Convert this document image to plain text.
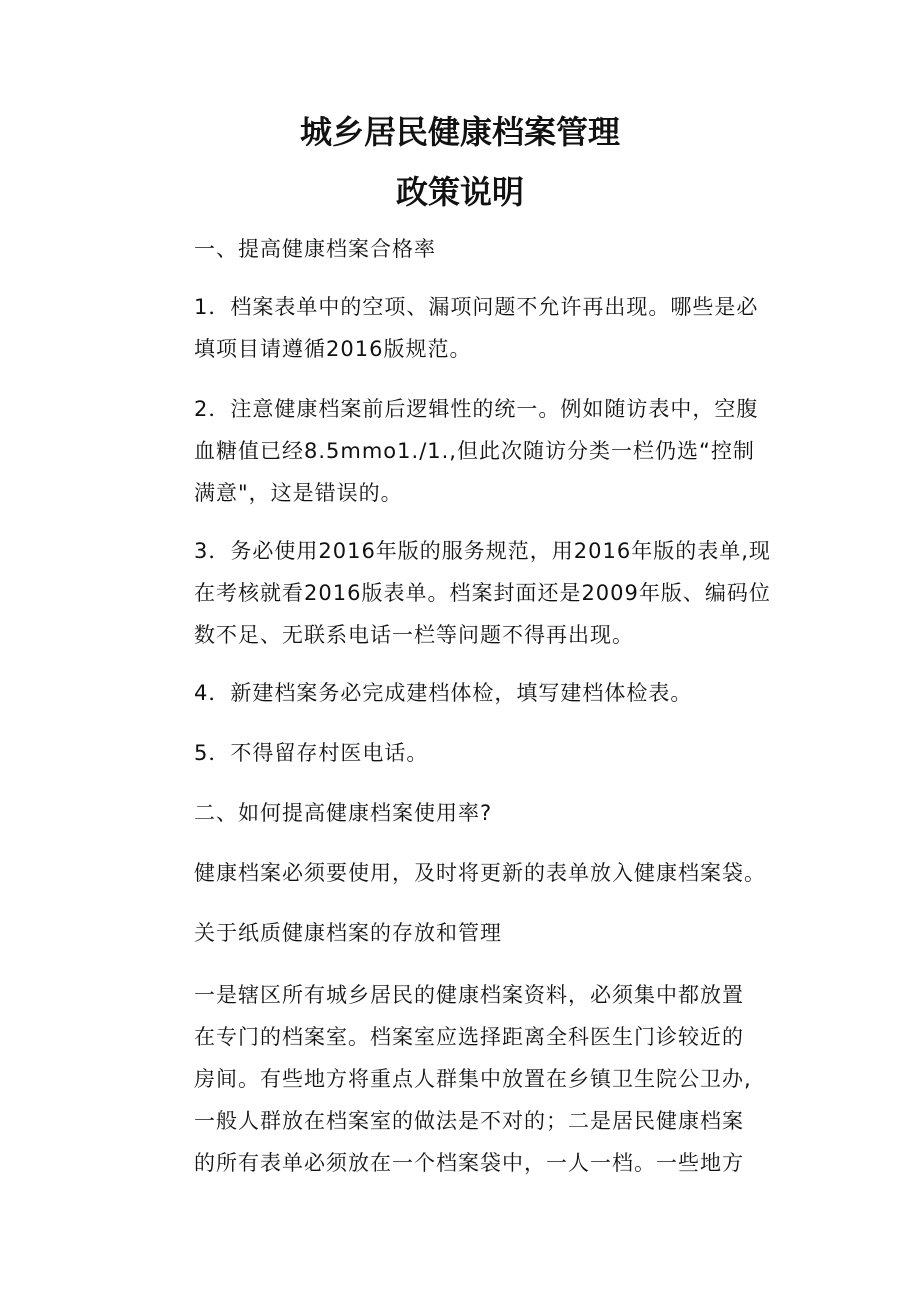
城乡居民健康档案管理
政策说明

一、提高健康档案合格率

1．档案表单中的空项、漏项问题不允许再出现。哪些是必
填项目请遵循2016版规范。

2．注意健康档案前后逻辑性的统一。例如随访表中，空腹
血糖值已经8.5mmo1./1.,但此次随访分类一栏仍选“控制
满意"，这是错误的。

3．务必使用2016年版的服务规范，用2016年版的表单,现
在考核就看2016版表单。档案封面还是2009年版、编码位
数不足、无联系电话一栏等问题不得再出现。

4．新建档案务必完成建档体检，填写建档体检表。

5．不得留存村医电话。

二、如何提高健康档案使用率?

健康档案必须要使用，及时将更新的表单放入健康档案袋。

关于纸质健康档案的存放和管理

一是辖区所有城乡居民的健康档案资料，必须集中都放置
在专门的档案室。档案室应选择距离全科医生门诊较近的
房间。有些地方将重点人群集中放置在乡镇卫生院公卫办,
一般人群放在档案室的做法是不对的；二是居民健康档案
的所有表单必须放在一个档案袋中，一人一档。一些地方
